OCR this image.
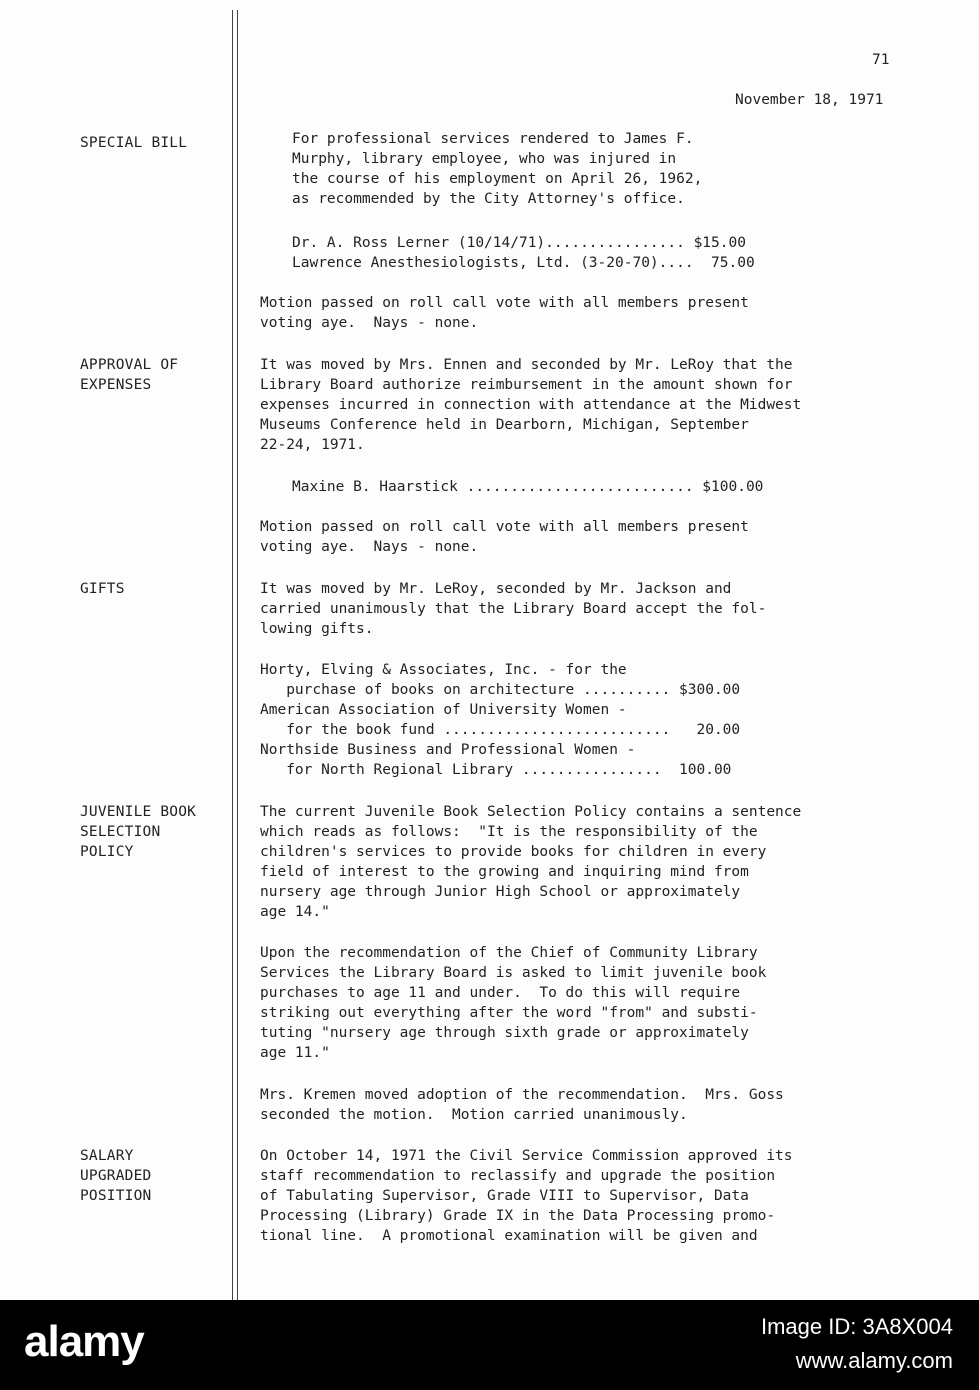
71
November 18, 1971
SPECIAL BILL	For professional services rendered to James F.
Murphy, library employee, who was injured in
the course of his employment on April 26, 1962,
as recommended by the City Attorney's office.
Dr. A. Ross Lerner (10/14/71)................ $15.00
Lawrence Anesthesiologists, Ltd. (3-20-70)....  75.00
Motion passed on roll call vote with all members present
voting aye.  Nays - none.
APPROVAL OF
EXPENSES
It was moved by Mrs. Ennen and seconded by Mr. LeRoy that the
Library Board authorize reimbursement in the amount shown for
expenses incurred in connection with attendance at the Midwest
Museums Conference held in Dearborn, Michigan, September
22-24, 1971.
Maxine B. Haarstick .......................... $100.00
Motion passed on roll call vote with all members present
voting aye.  Nays - none.
GIFTS	It was moved by Mr. LeRoy, seconded by Mr. Jackson and
carried unanimously that the Library Board accept the fol-
lowing gifts.
Horty, Elving & Associates, Inc. - for the
purchase of books on architecture .......... $300.00
American Association of University Women -
for the book fund ..........................   20.00
Northside Business and Professional Women -
for North Regional Library ................  100.00
JUVENILE BOOK
SELECTION
POLICY
The current Juvenile Book Selection Policy contains a sentence
which reads as follows:  "It is the responsibility of the
children's services to provide books for children in every
field of interest to the growing and inquiring mind from
nursery age through Junior High School or approximately
age 14."
Upon the recommendation of the Chief of Community Library
Services the Library Board is asked to limit juvenile book
purchases to age 11 and under.  To do this will require
striking out everything after the word "from" and substi-
tuting "nursery age through sixth grade or approximately
age 11."
Mrs. Kremen moved adoption of the recommendation.  Mrs. Goss
seconded the motion.  Motion carried unanimously.
SALARY
UPGRADED
POSITION
On October 14, 1971 the Civil Service Commission approved its
staff recommendation to reclassify and upgrade the position
of Tabulating Supervisor, Grade VIII to Supervisor, Data
Processing (Library) Grade IX in the Data Processing promo-
tional line.  A promotional examination will be given and
alamy	Image ID: 3A8X004
www.alamy.com
